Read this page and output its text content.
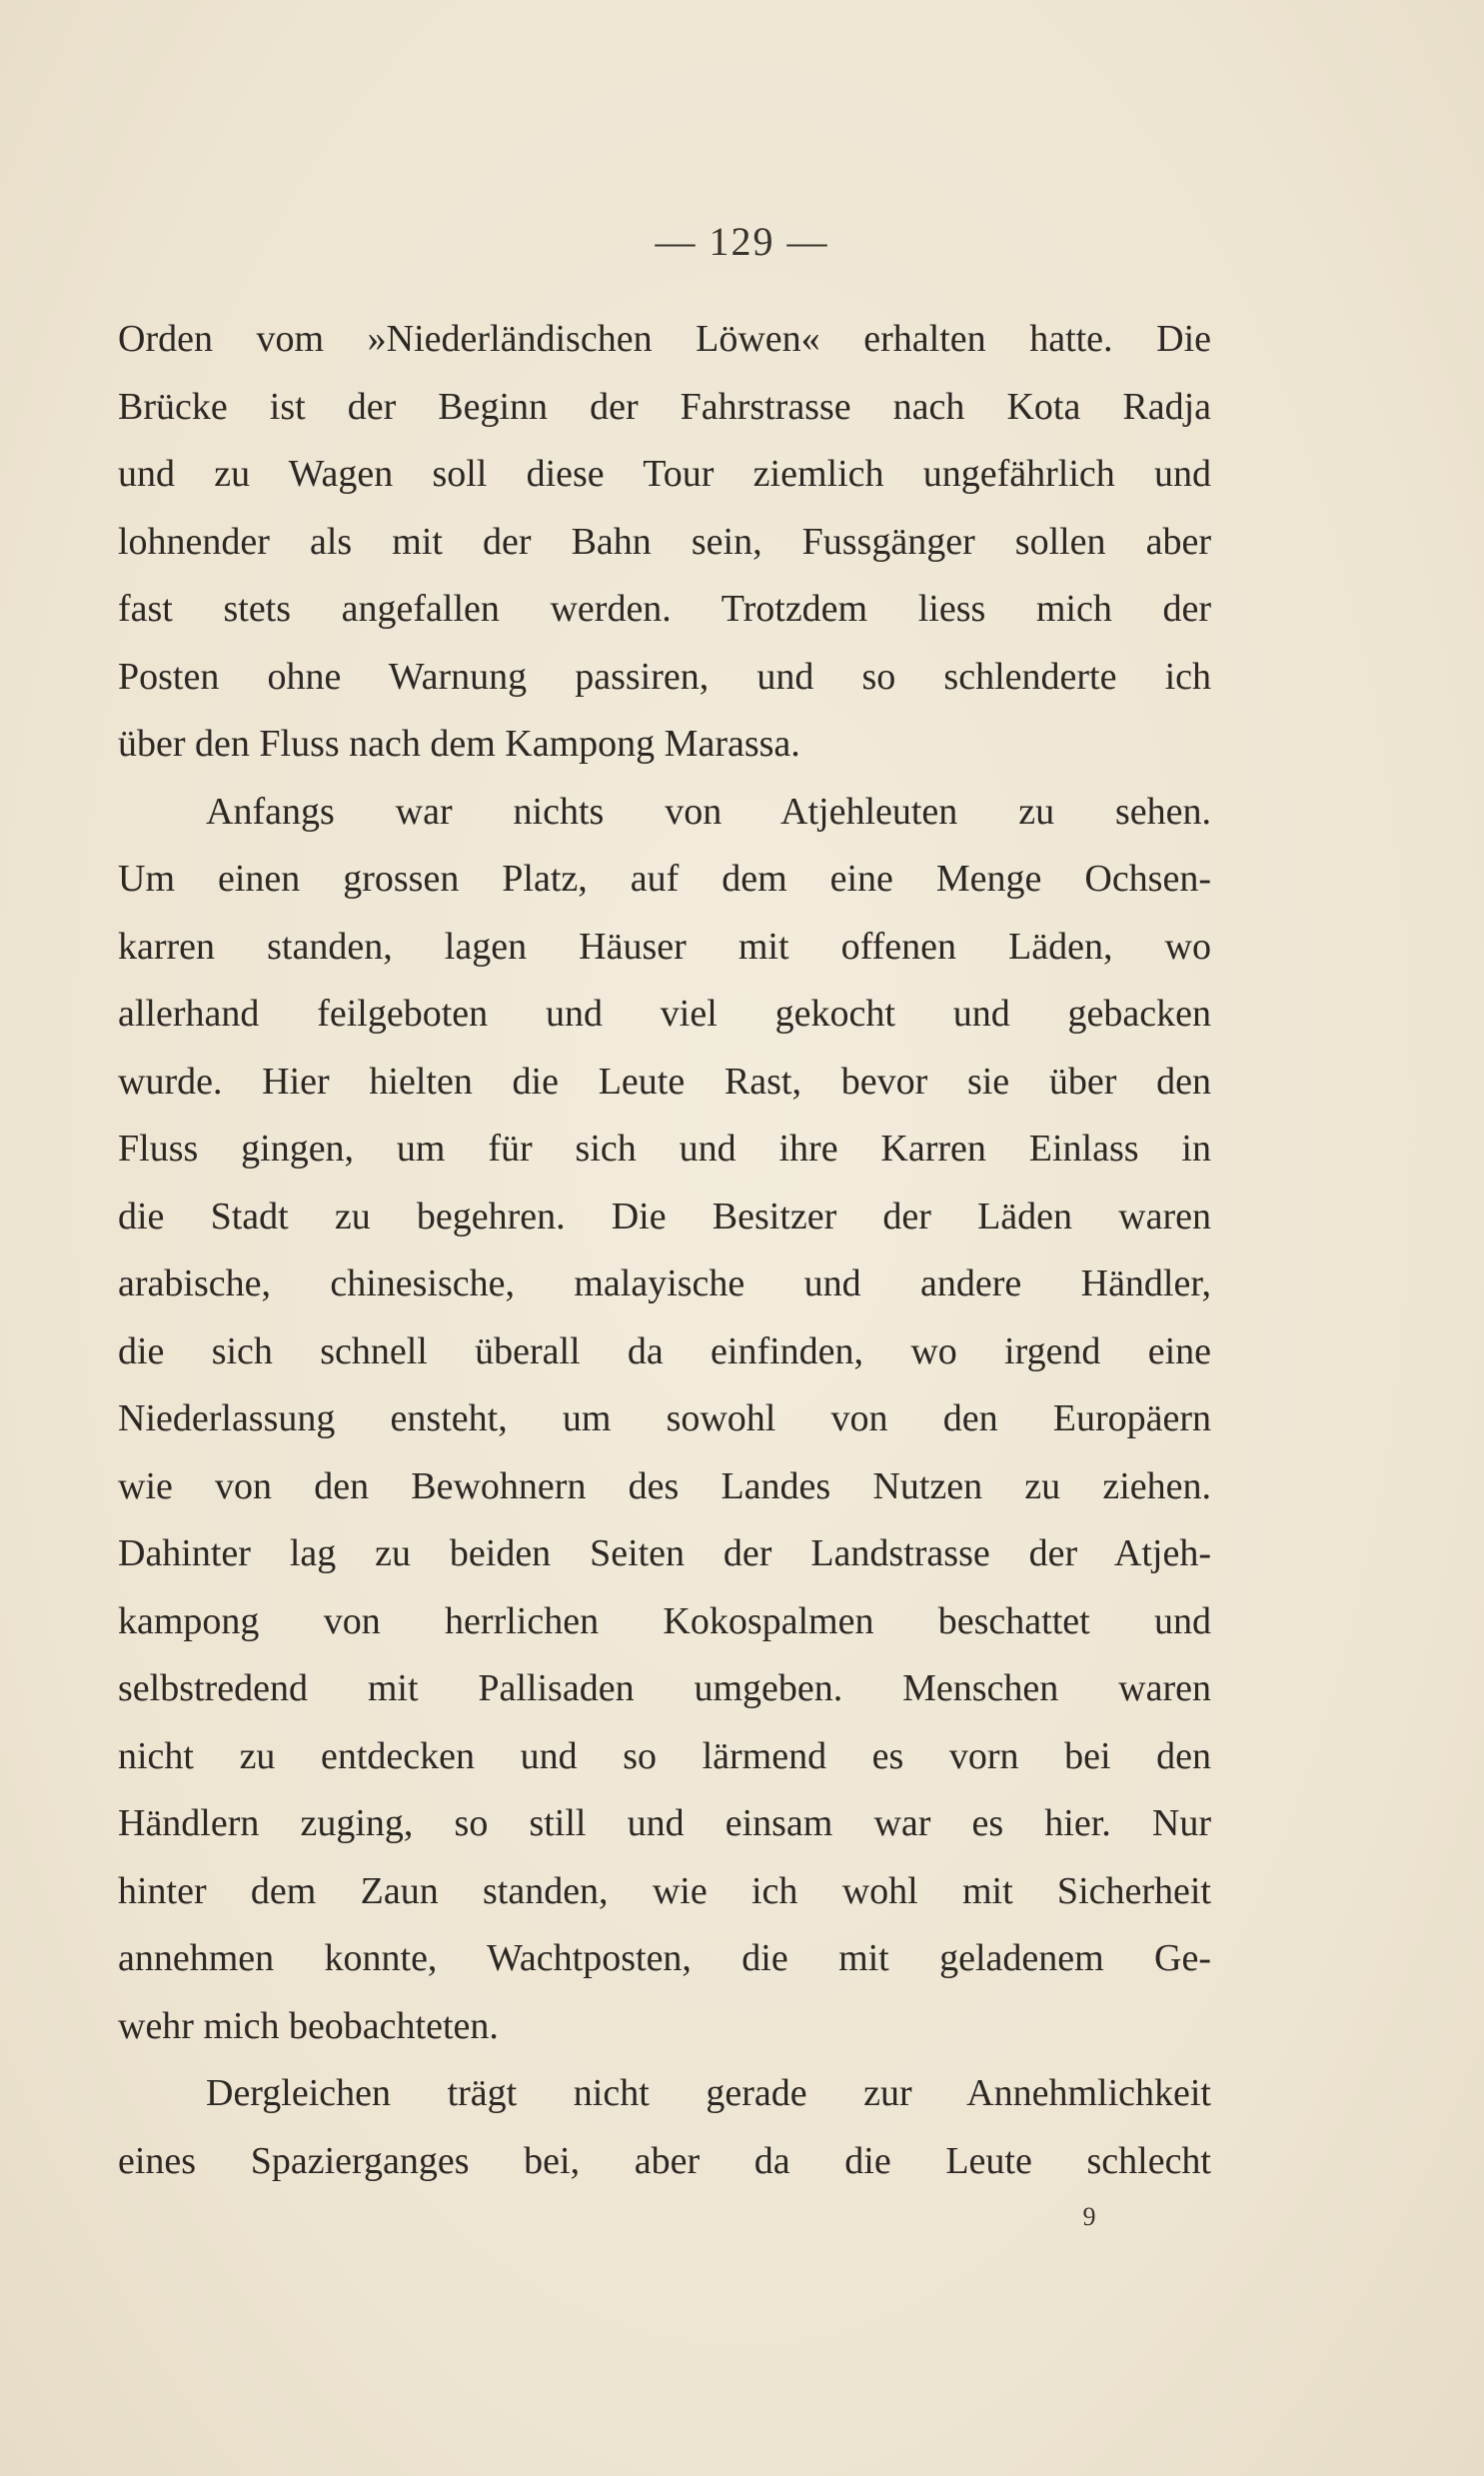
— 129 —
Orden vom »Niederländischen Löwen« erhalten hatte. Die
Brücke ist der Beginn der Fahrstrasse nach Kota Radja
und zu Wagen soll diese Tour ziemlich ungefährlich und
lohnender als mit der Bahn sein, Fussgänger sollen aber
fast stets angefallen werden. Trotzdem liess mich der
Posten ohne Warnung passiren, und so schlenderte ich
über den Fluss nach dem Kampong Marassa.
Anfangs war nichts von Atjehleuten zu sehen.
Um einen grossen Platz, auf dem eine Menge Ochsen-
karren standen, lagen Häuser mit offenen Läden, wo
allerhand feilgeboten und viel gekocht und gebacken
wurde. Hier hielten die Leute Rast, bevor sie über den
Fluss gingen, um für sich und ihre Karren Einlass in
die Stadt zu begehren. Die Besitzer der Läden waren
arabische, chinesische, malayische und andere Händler,
die sich schnell überall da einfinden, wo irgend eine
Niederlassung ensteht, um sowohl von den Europäern
wie von den Bewohnern des Landes Nutzen zu ziehen.
Dahinter lag zu beiden Seiten der Landstrasse der Atjeh-
kampong von herrlichen Kokospalmen beschattet und
selbstredend mit Pallisaden umgeben. Menschen waren
nicht zu entdecken und so lärmend es vorn bei den
Händlern zuging, so still und einsam war es hier. Nur
hinter dem Zaun standen, wie ich wohl mit Sicherheit
annehmen konnte, Wachtposten, die mit geladenem Ge-
wehr mich beobachteten.
Dergleichen trägt nicht gerade zur Annehmlichkeit
eines Spazierganges bei, aber da die Leute schlecht
9
